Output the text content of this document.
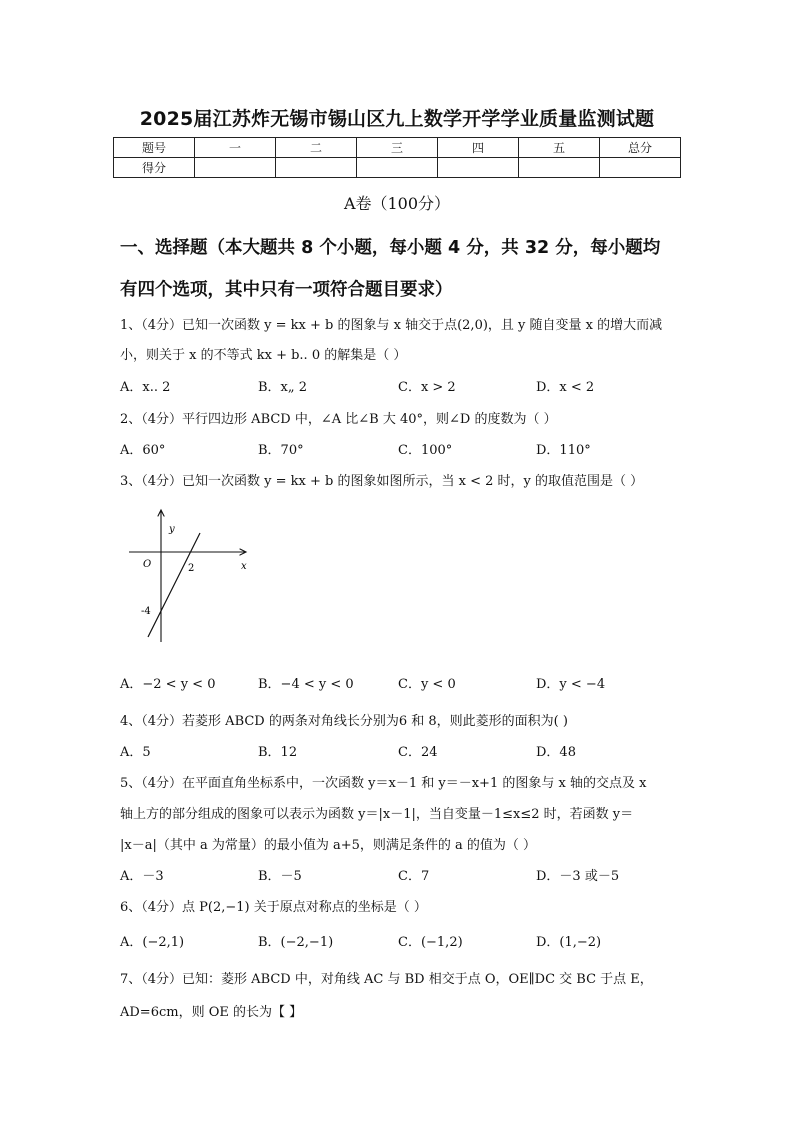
2025届江苏炸无锡市锡山区九上数学开学学业质量监测试题
题号	一	二	三	四	五	总分
得分						
A卷（100分）
一、选择题（本大题共 8 个小题，每小题 4 分，共 32 分，每小题均
有四个选项，其中只有一项符合题目要求）
1、（4分）已知一次函数 y = kx + b 的图象与 x 轴交于点(2,0)，且 y 随自变量 x 的增大而减
小，则关于 x 的不等式 kx + b.. 0 的解集是（ ）
A．x.. 2	B．x„ 2	C．x > 2	D．x < 2
2、（4分）平行四边形 ABCD 中，∠A 比∠B 大 40°，则∠D 的度数为（ ）
A．60°	B．70°	C．100°	D．110°
3、（4分）已知一次函数 y = kx + b 的图象如图所示，当 x < 2 时，y 的取值范围是（ ）
y
x
O	2
-4
A．−2 < y < 0	B．−4 < y < 0	C．y < 0	D．y < −4
4、（4分）若菱形 ABCD 的两条对角线长分别为6 和 8，则此菱形的面积为( )
A．5	B．12	C．24	D．48
5、（4分）在平面直角坐标系中，一次函数 y＝x－1 和 y＝－x+1 的图象与 x 轴的交点及 x
轴上方的部分组成的图象可以表示为函数 y＝|x－1|，当自变量－1≤x≤2 时，若函数 y＝
|x－a|（其中 a 为常量）的最小值为 a+5，则满足条件的 a 的值为（ ）
A．－3	B．－5	C．7	D．－3 或－5
6、（4分）点 P(2,−1) 关于原点对称点的坐标是（ ）
A．(−2,1)	B．(−2,−1)	C．(−1,2)	D．(1,−2)
7、（4分）已知：菱形 ABCD 中，对角线 AC 与 BD 相交于点 O，OE∥DC 交 BC 于点 E，
AD=6cm，则 OE 的长为【 】
